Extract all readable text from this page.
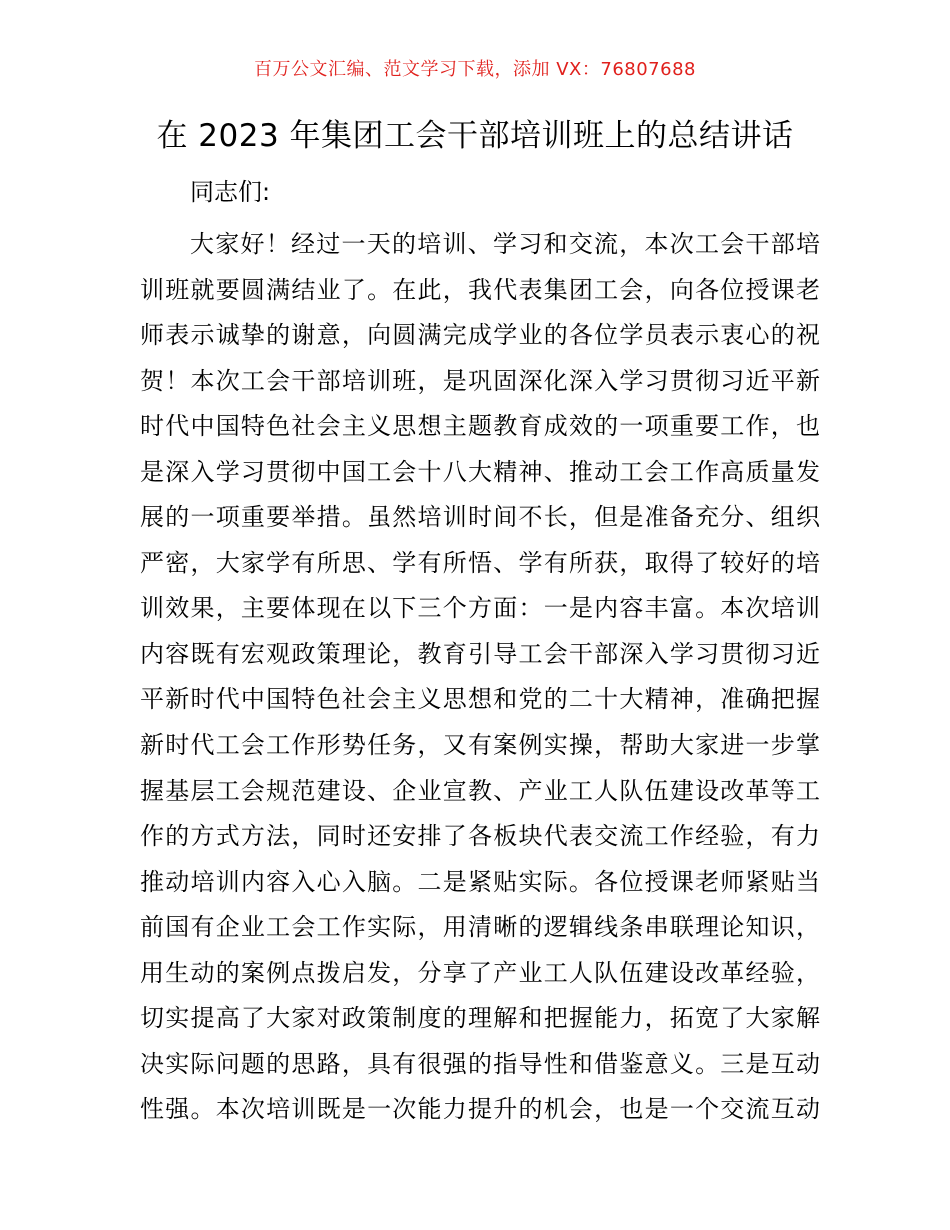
百万公文汇编、范文学习下载，添加 VX：76807688
在 2023 年集团工会干部培训班上的总结讲话

同志们:

大家好！经过一天的培训、学习和交流，本次工会干部培

训班就要圆满结业了。在此，我代表集团工会，向各位授课老

师表示诚挚的谢意，向圆满完成学业的各位学员表示衷心的祝

贺！本次工会干部培训班，是巩固深化深入学习贯彻习近平新

时代中国特色社会主义思想主题教育成效的一项重要工作，也

是深入学习贯彻中国工会十八大精神、推动工会工作高质量发

展的一项重要举措。虽然培训时间不长，但是准备充分、组织

严密，大家学有所思、学有所悟、学有所获，取得了较好的培

训效果，主要体现在以下三个方面：一是内容丰富。本次培训

内容既有宏观政策理论，教育引导工会干部深入学习贯彻习近

平新时代中国特色社会主义思想和党的二十大精神，准确把握

新时代工会工作形势任务，又有案例实操，帮助大家进一步掌

握基层工会规范建设、企业宣教、产业工人队伍建设改革等工

作的方式方法，同时还安排了各板块代表交流工作经验，有力

推动培训内容入心入脑。二是紧贴实际。各位授课老师紧贴当

前国有企业工会工作实际，用清晰的逻辑线条串联理论知识，

用生动的案例点拨启发，分享了产业工人队伍建设改革经验，

切实提高了大家对政策制度的理解和把握能力，拓宽了大家解

决实际问题的思路，具有很强的指导性和借鉴意义。三是互动

性强。本次培训既是一次能力提升的机会，也是一个交流互动
